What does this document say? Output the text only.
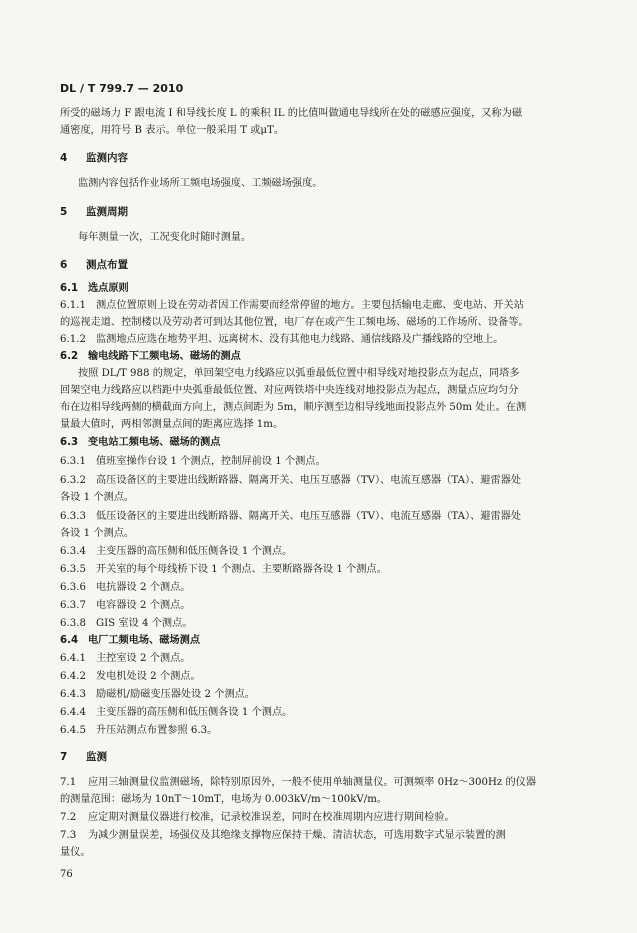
DL / T 799.7 — 2010
所受的磁场力 F 跟电流 I 和导线长度 L 的乘积 IL 的比值叫做通电导线所在处的磁感应强度，又称为磁
通密度，用符号 B 表示。单位一般采用 T 或μT。
4 监测内容
监测内容包括作业场所工频电场强度、工频磁场强度。
5 监测周期
每年测量一次，工况变化时随时测量。
6 测点布置
6.1 选点原则
6.1.1 测点位置原则上设在劳动者因工作需要而经常停留的地方。主要包括输电走廊、变电站、开关站
的巡视走道、控制楼以及劳动者可到达其他位置，电厂存在或产生工频电场、磁场的工作场所、设备等。
6.1.2 监测地点应选在地势平坦、远离树木、没有其他电力线路、通信线路及广播线路的空地上。
6.2 输电线路下工频电场、磁场的测点
按照 DL/T 988 的规定，单回架空电力线路应以弧垂最低位置中相导线对地投影点为起点，同塔多
回架空电力线路应以档距中央弧垂最低位置、对应两铁塔中央连线对地投影点为起点，测量点应均匀分
布在边相导线两侧的横截面方向上，测点间距为 5m，顺序测至边相导线地面投影点外 50m 处止。在测
量最大值时，两相邻测量点间的距离应选择 1m。
6.3 变电站工频电场、磁场的测点
6.3.1 值班室操作台设 1 个测点，控制屏前设 1 个测点。
6.3.2 高压设备区的主要进出线断路器、隔离开关、电压互感器（TV）、电流互感器（TA）、避雷器处
各设 1 个测点。
6.3.3 低压设备区的主要进出线断路器、隔离开关、电压互感器（TV）、电流互感器（TA）、避雷器处
各设 1 个测点。
6.3.4 主变压器的高压侧和低压侧各设 1 个测点。
6.3.5 开关室的每个母线桥下设 1 个测点、主要断路器各设 1 个测点。
6.3.6 电抗器设 2 个测点。
6.3.7 电容器设 2 个测点。
6.3.8 GIS 室设 4 个测点。
6.4 电厂工频电场、磁场测点
6.4.1 主控室设 2 个测点。
6.4.2 发电机处设 2 个测点。
6.4.3 励磁机/励磁变压器处设 2 个测点。
6.4.4 主变压器的高压侧和低压侧各设 1 个测点。
6.4.5 升压站测点布置参照 6.3。
7 监测
7.1 应用三轴测量仪监测磁场，除特别原因外，一般不使用单轴测量仪。可测频率 0Hz～300Hz 的仪器
的测量范围：磁场为 10nT～10mT，电场为 0.003kV/m～100kV/m。
7.2 应定期对测量仪器进行校准，记录校准误差，同时在校准周期内应进行期间检验。
7.3 为减少测量误差，场强仪及其绝缘支撑物应保持干燥、清洁状态，可选用数字式显示装置的测
量仪。
76
